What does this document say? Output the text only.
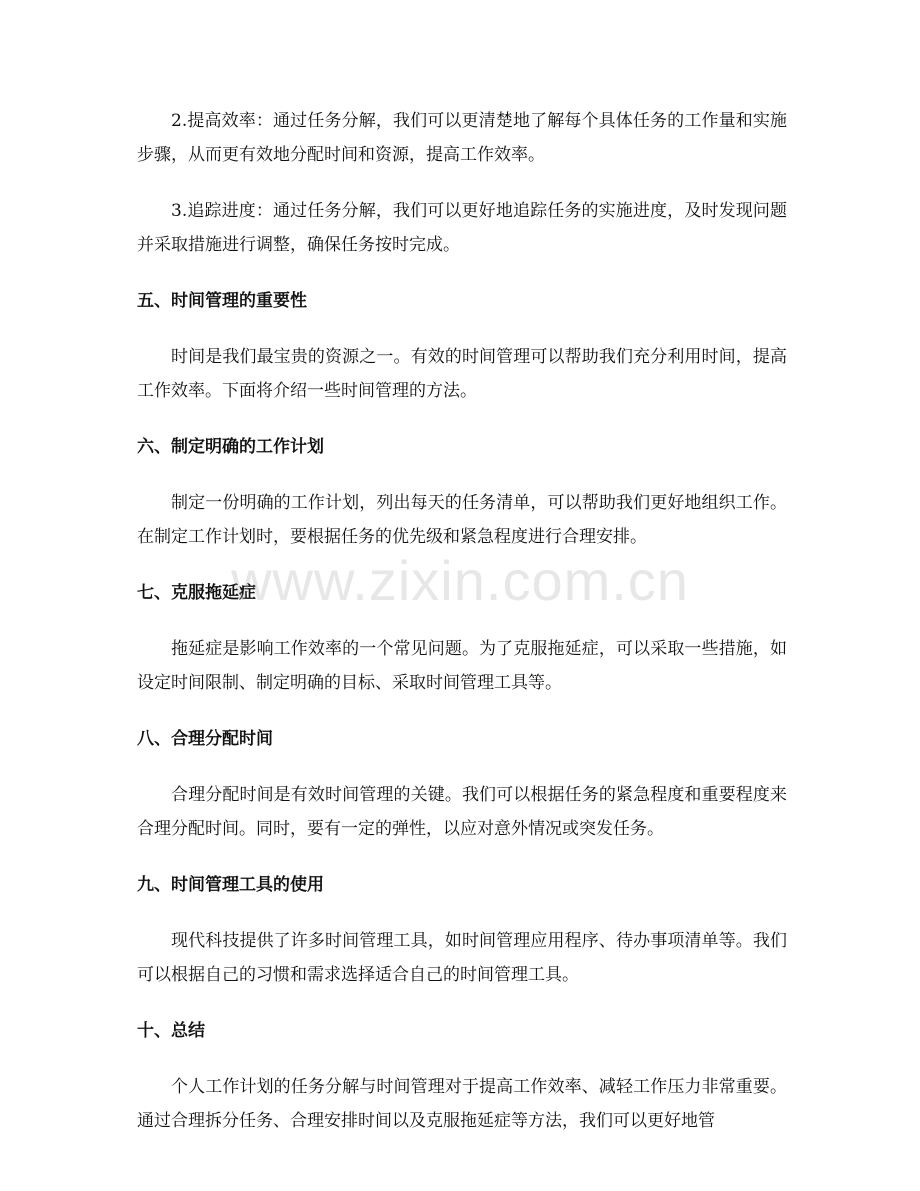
2.提高效率：通过任务分解，我们可以更清楚地了解每个具体任务的工作量和实施步骤，从而更有效地分配时间和资源，提高工作效率。

3.追踪进度：通过任务分解，我们可以更好地追踪任务的实施进度，及时发现问题并采取措施进行调整，确保任务按时完成。

五、时间管理的重要性

时间是我们最宝贵的资源之一。有效的时间管理可以帮助我们充分利用时间，提高工作效率。下面将介绍一些时间管理的方法。

六、制定明确的工作计划

制定一份明确的工作计划，列出每天的任务清单，可以帮助我们更好地组织工作。在制定工作计划时，要根据任务的优先级和紧急程度进行合理安排。

七、克服拖延症

拖延症是影响工作效率的一个常见问题。为了克服拖延症，可以采取一些措施，如设定时间限制、制定明确的目标、采取时间管理工具等。

八、合理分配时间

合理分配时间是有效时间管理的关键。我们可以根据任务的紧急程度和重要程度来合理分配时间。同时，要有一定的弹性，以应对意外情况或突发任务。

九、时间管理工具的使用

现代科技提供了许多时间管理工具，如时间管理应用程序、待办事项清单等。我们可以根据自己的习惯和需求选择适合自己的时间管理工具。

十、总结

个人工作计划的任务分解与时间管理对于提高工作效率、减轻工作压力非常重要。通过合理拆分任务、合理安排时间以及克服拖延症等方法，我们可以更好地管

www.zixin.com.cn
